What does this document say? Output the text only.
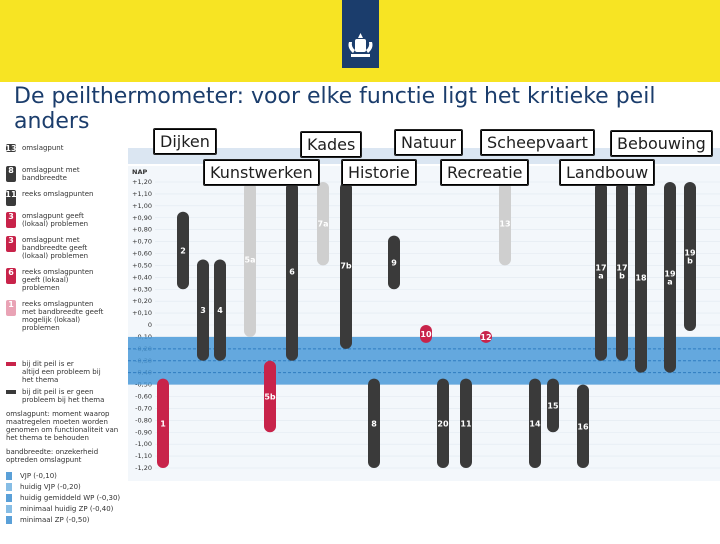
De peilthermometer: voor elke functie ligt het kritieke peil anders
13 omslagpunt
8 omslagpunt met
bandbreedte
11 reeks omslagpunten
3 omslagpunt geeft
(lokaal) problemen
3 omslagpunt met
bandbreedte geeft
(lokaal) problemen
6 reeks omslagpunten
geeft (lokaal)
problemen
1 reeks omslagpunten
met bandbreedte geeft
mogelijk (lokaal)
problemen
bij dit peil is er
altijd een probleem bij
het thema
bij dit peil is er geen
probleem bij het thema
omslagpunt: moment waarop
maatregelen moeten worden
genomen om functionaliteit van
het thema te behouden
bandbreedte: onzekerheid
optreden omslagpunt
VJP (-0,10)
huidig VJP (-0,20)
huidig gemiddeld WP (-0,30)
minimaal huidig ZP (-0,40)
minimaal ZP (-0,50)
+1,20
+1,10
+1,00
+0,90
+0,80
+0,70
+0,60
+0,50
+0,40
+0,30
+0,20
+0,10
0
-0,60
-0,70
-0,80
-0,90
-1,00
-1,10
-1,20
NAP
2
3 4
5a
1
5b
6
7a
7b
8
9
10
20 11
12
13
14
15
16
17
a
17
b 18 19
a
19
b
Dijken	Kades	Natuur	Scheepvaart	Bebouwing
Kunstwerken	Historie	Recreatie	Landbouw
